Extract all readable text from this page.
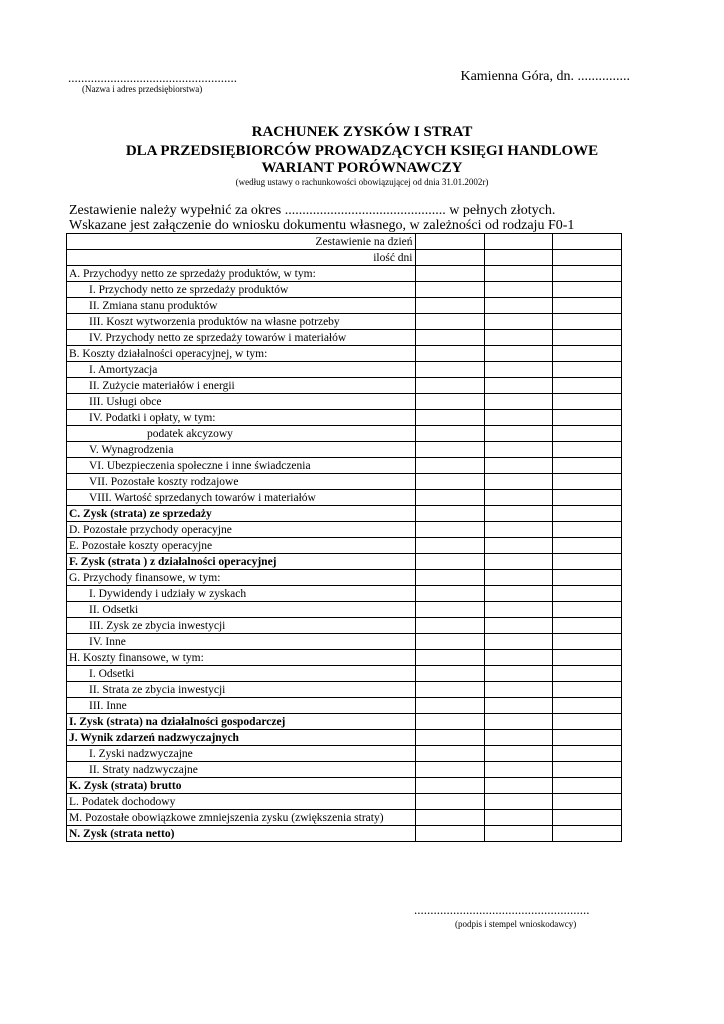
....................................................
(Nazwa i adres przedsiębiorstwa)
Kamienna Góra, dn. ...............
RACHUNEK ZYSKÓW I STRAT
DLA PRZEDSIĘBIORCÓW PROWADZĄCYCH KSIĘGI HANDLOWE
WARIANT PORÓWNAWCZY
(według ustawy o rachunkowości obowiązującej od dnia 31.01.2002r)
Zestawienie należy wypełnić za okres .............................................. w pełnych złotych.
Wskazane jest załączenie do wniosku dokumentu własnego, w zależności od rodzaju F0-1
Zestawienie na dzień			
ilość dni			
A. Przychodyy netto ze sprzedaży produktów, w tym:			
I. Przychody netto ze sprzedaży produktów			
II. Zmiana stanu produktów			
III. Koszt wytworzenia produktów na własne potrzeby			
IV. Przychody netto ze sprzedaży towarów i materiałów			
B. Koszty działalności operacyjnej, w tym:			
I. Amortyzacja			
II. Zużycie materiałów i energii			
III. Usługi obce			
IV. Podatki i opłaty, w tym:			
podatek akcyzowy			
V. Wynagrodzenia			
VI. Ubezpieczenia społeczne i inne świadczenia			
VII. Pozostałe koszty rodzajowe			
VIII. Wartość sprzedanych towarów i materiałów			
C. Zysk (strata) ze sprzedaży			
D. Pozostałe przychody operacyjne			
E. Pozostałe koszty operacyjne			
F. Zysk (strata ) z działalności operacyjnej			
G. Przychody finansowe, w tym:			
I. Dywidendy i udziały w zyskach			
II. Odsetki			
III. Zysk ze zbycia inwestycji			
IV. Inne			
H. Koszty finansowe, w tym:			
I. Odsetki			
II. Strata ze zbycia inwestycji			
III. Inne			
I. Zysk (strata) na działalności gospodarczej			
J. Wynik zdarzeń nadzwyczajnych			
I. Zyski nadzwyczajne			
II. Straty nadzwyczajne			
K. Zysk (strata) brutto			
L. Podatek dochodowy			
M. Pozostałe obowiązkowe zmniejszenia zysku (zwiększenia straty)			
N. Zysk (strata netto)			
......................................................
(podpis i stempel wnioskodawcy)
